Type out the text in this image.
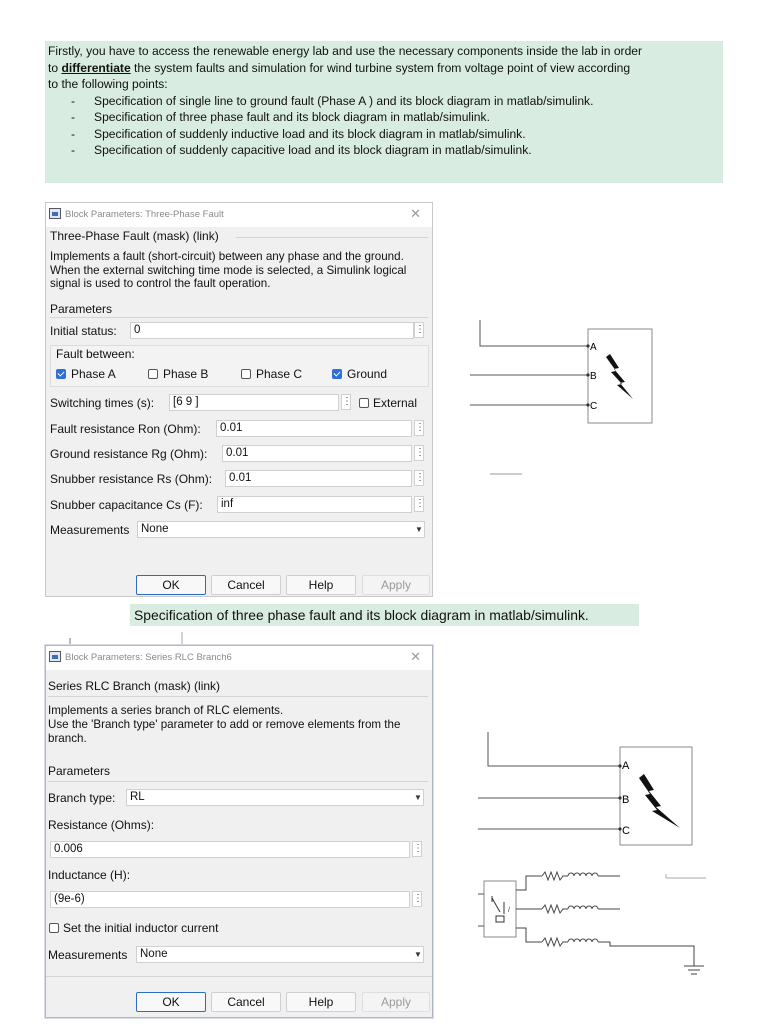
Firstly, you have to access the renewable energy lab and use the necessary components inside the lab in order

to differentiate the system faults and simulation for wind turbine system from voltage point of view according

to the following points:

- Specification of single line to ground fault (Phase A ) and its block diagram in matlab/simulink.
- Specification of three phase fault and its block diagram in matlab/simulink.
- Specification of suddenly inductive load and its block diagram in matlab/simulink.
- Specification of suddenly capacitive load and its block diagram in matlab/simulink.
Block Parameters: Three-Phase Fault	✕
Three-Phase Fault (mask) (link)
Implements a fault (short-circuit) between any phase and the ground. When the external switching time mode is selected, a Simulink logical signal is used to control the fault operation.
Parameters
Initial status:	0	⋮
Fault between:
Phase A	Phase B	Phase C	Ground
Switching times (s):	[6 9 ]	⋮ External
Fault resistance Ron (Ohm):	0.01	⋮
Ground resistance Rg (Ohm):	0.01	⋮
Snubber resistance Rs (Ohm):	0.01	⋮
Snubber capacitance Cs (F):	inf	⋮
Measurements	None	▼
OK	Cancel	Help	Apply
A
B
C
Specification of three phase fault and its block diagram in matlab/simulink.
Block Parameters: Series RLC Branch6	✕
Series RLC Branch (mask) (link)
Implements a series branch of RLC elements.
Use the 'Branch type' parameter to add or remove elements from the branch.
Parameters
Branch type:	RL	▼
Resistance (Ohms):
0.006	⋮
Inductance (H):
(9e-6)	⋮
Set the initial inductor current
Measurements	None	▼
OK	Cancel	Help	Apply
A
B
C
/
